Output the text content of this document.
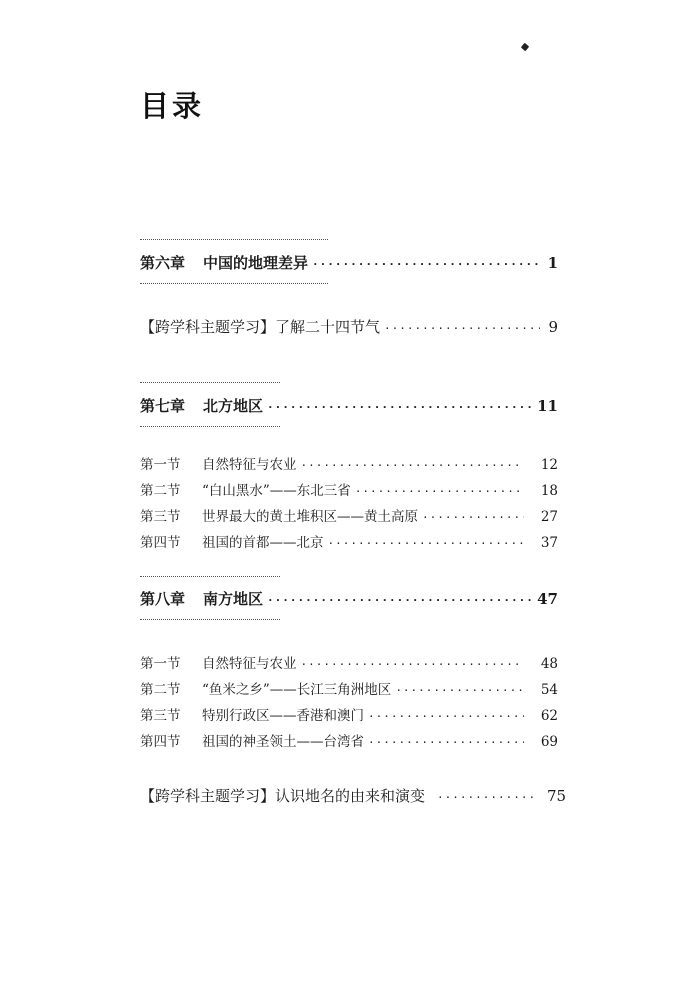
目录
第六章 中国的地理差异 ·····	1
【跨学科主题学习】了解二十四节气 ·····	9
第七章 北方地区 ·····	11
第一节 自然特征与农业 ·····	12
第二节 “白山黑水”——东北三省 ·····	18
第三节 世界最大的黄土堆积区——黄土高原 ·····	27
第四节 祖国的首都——北京 ·····	37
第八章 南方地区 ·····	47
第一节 自然特征与农业 ·····	48
第二节 “鱼米之乡”——长江三角洲地区 ·····	54
第三节 特别行政区——香港和澳门 ·····	62
第四节 祖国的神圣领土——台湾省 ·····	69
【跨学科主题学习】认识地名的由来和演变 ·····	75
